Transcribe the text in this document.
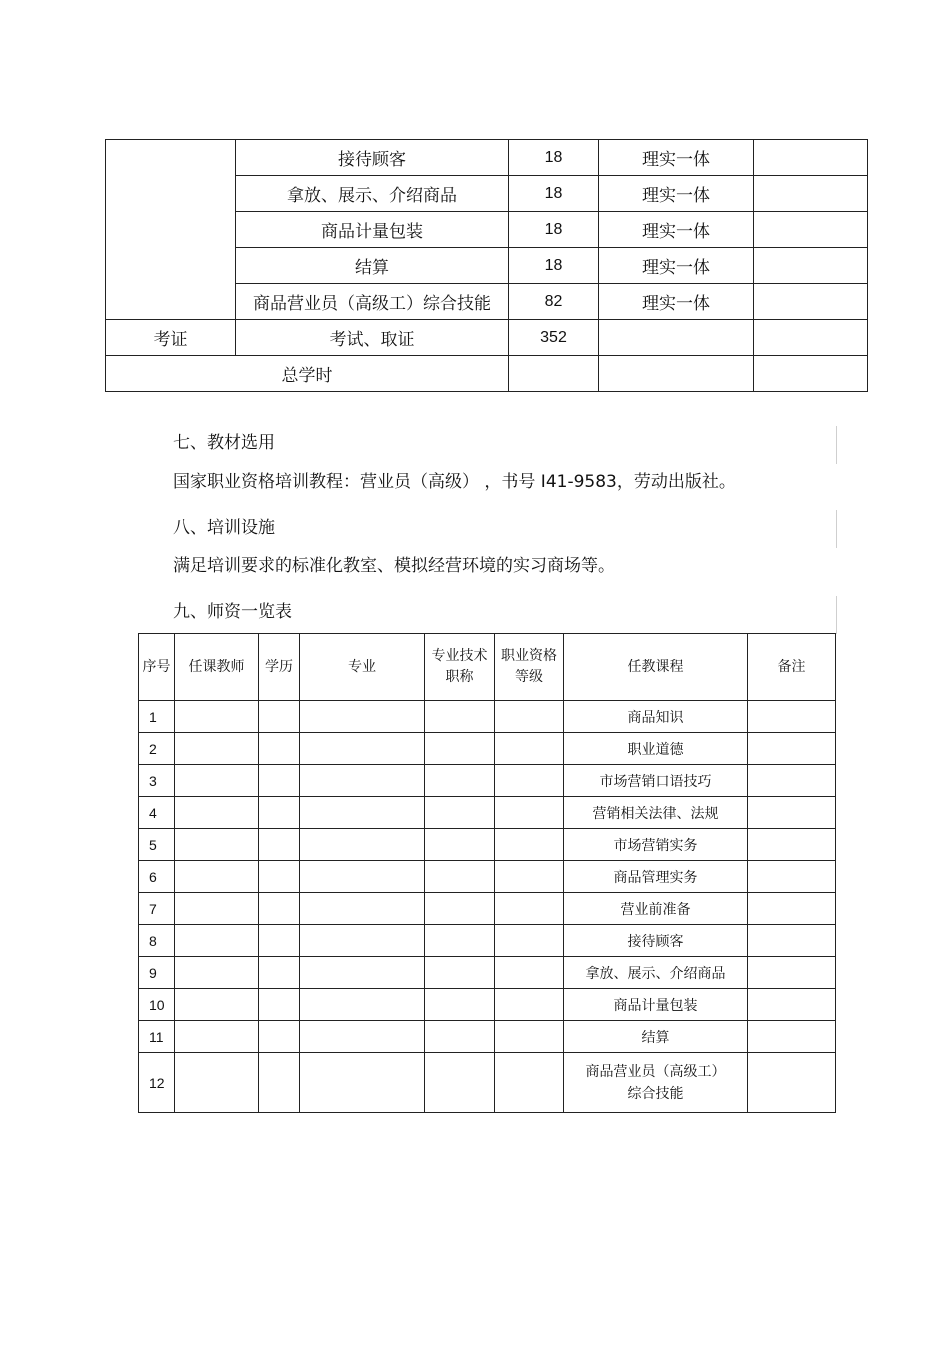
	接待顾客	18	理实一体	
	拿放、展示、介绍商品	18	理实一体	
	商品计量包装	18	理实一体	
	结算	18	理实一体	
	商品营业员（高级工）综合技能	82	理实一体	
考证	考试、取证	352		
总学时				
七、教材选用
国家职业资格培训教程：营业员（高级） ，书号 I41-9583，劳动出版社。
八、培训设施
满足培训要求的标准化教室、模拟经营环境的实习商场等。
九、师资一览表
序号	任课教师	学历	专业	专业技术职称	职业资格等级	任教课程	备注
1						商品知识	
2						职业道德	
3						市场营销口语技巧	
4						营销相关法律、法规	
5						市场营销实务	
6						商品管理实务	
7						营业前准备	
8						接待顾客	
9						拿放、展示、介绍商品	
10						商品计量包装	
11						结算	
12						商品营业员（高级工）
综合技能	
